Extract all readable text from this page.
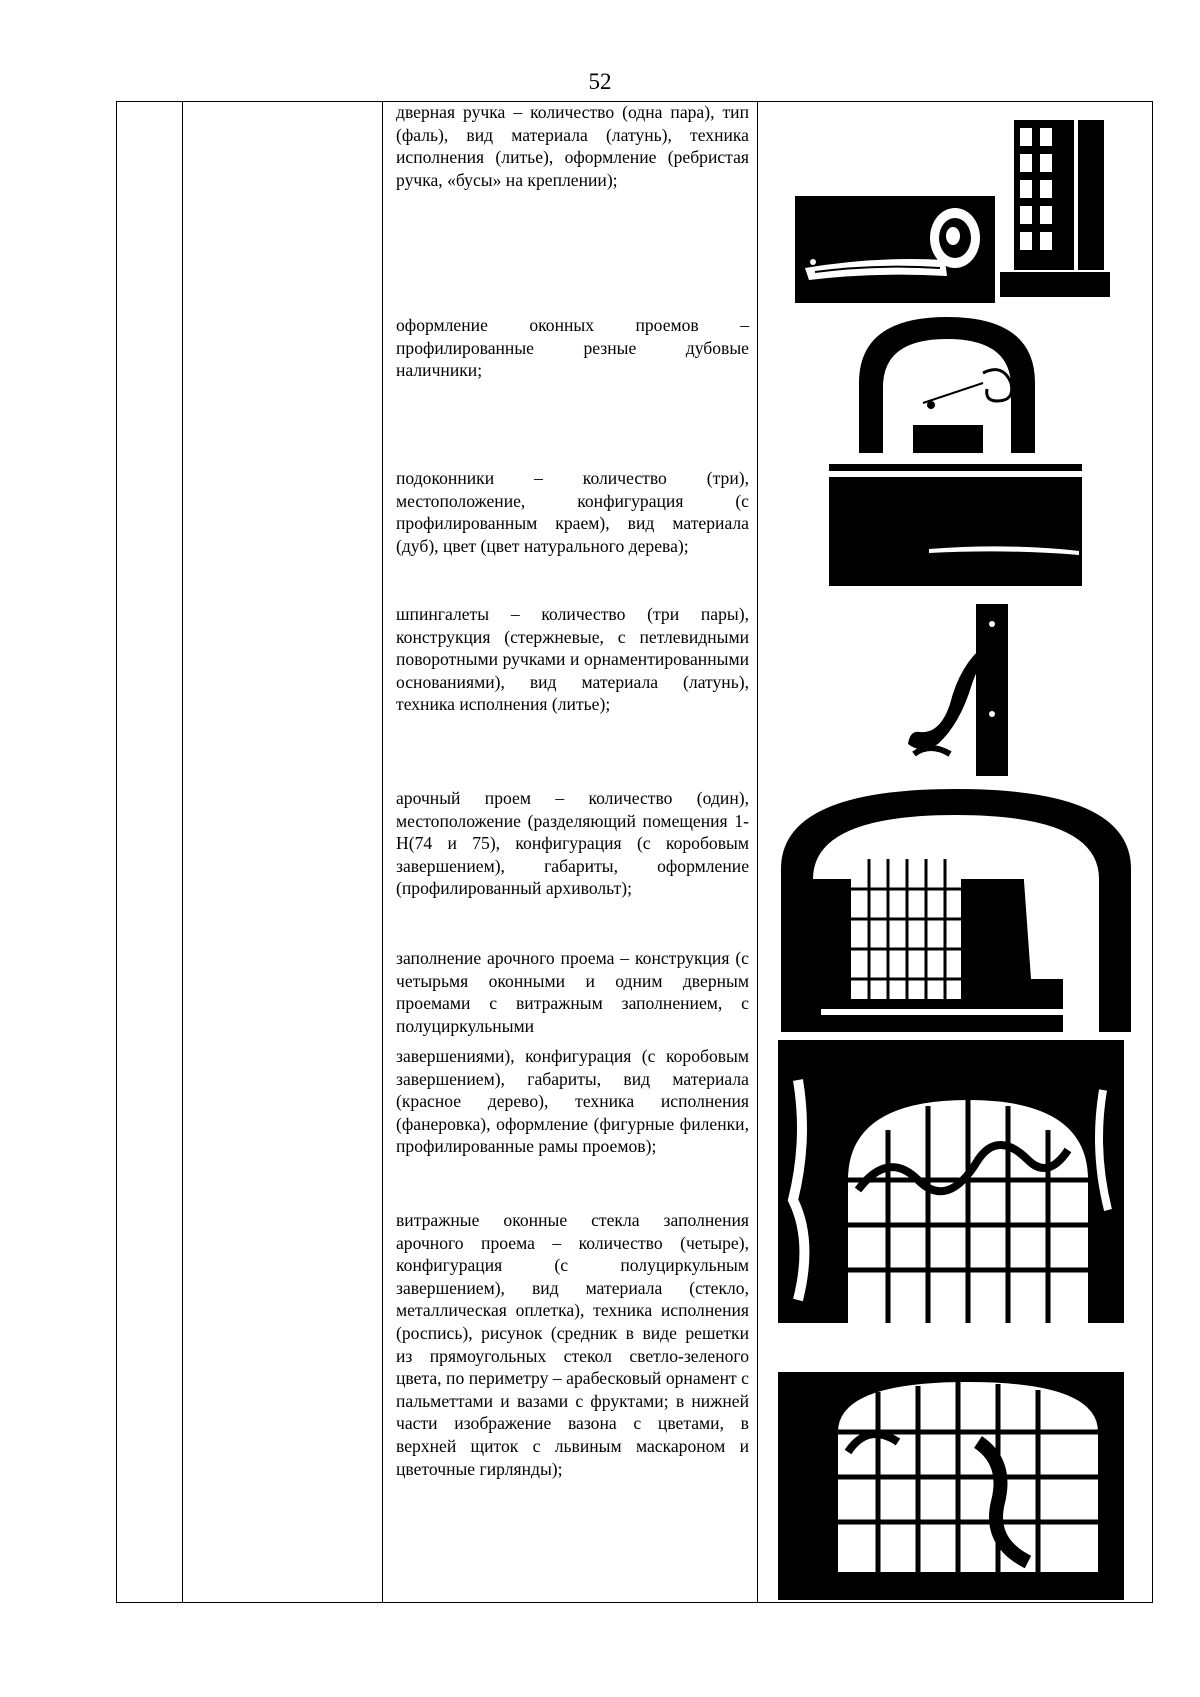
52
дверная ручка – количество (одна пара), тип (фаль), вид материала (латунь), техника исполнения (литье), оформление (ребристая ручка, «бусы» на креплении);
оформление оконных проемов – профилированные резные дубовые наличники;
подоконники – количество (три), местоположение, конфигурация (с профилированным краем), вид материала (дуб), цвет (цвет натурального дерева);
шпингалеты – количество (три пары), конструкция (стержневые, с петлевидными поворотными ручками и орнаментированными основаниями), вид материала (латунь), техника исполнения (литье);
арочный проем – количество (один), местоположение (разделяющий помещения 1-Н(74 и 75), конфигурация (с коробовым завершением), габариты, оформление (профилированный архивольт);
заполнение арочного проема – конструкция (с четырьмя оконными и одним дверным проемами с витражным заполнением, с полуциркульными
завершениями), конфигурация (с коробовым завершением), габариты, вид материала (красное дерево), техника исполнения (фанеровка), оформление (фигурные филенки, профилированные рамы проемов);
витражные оконные стекла заполнения арочного проема – количество (четыре), конфигурация (с полуциркульным завершением), вид материала (стекло, металлическая оплетка), техника исполнения (роспись), рисунок (средник в виде решетки из прямоугольных стекол светло-зеленого цвета, по периметру – арабесковый орнамент с пальметтами и вазами с фруктами; в нижней части изображение вазона с цветами, в верхней щиток с львиным маскароном и цветочные гирлянды);
